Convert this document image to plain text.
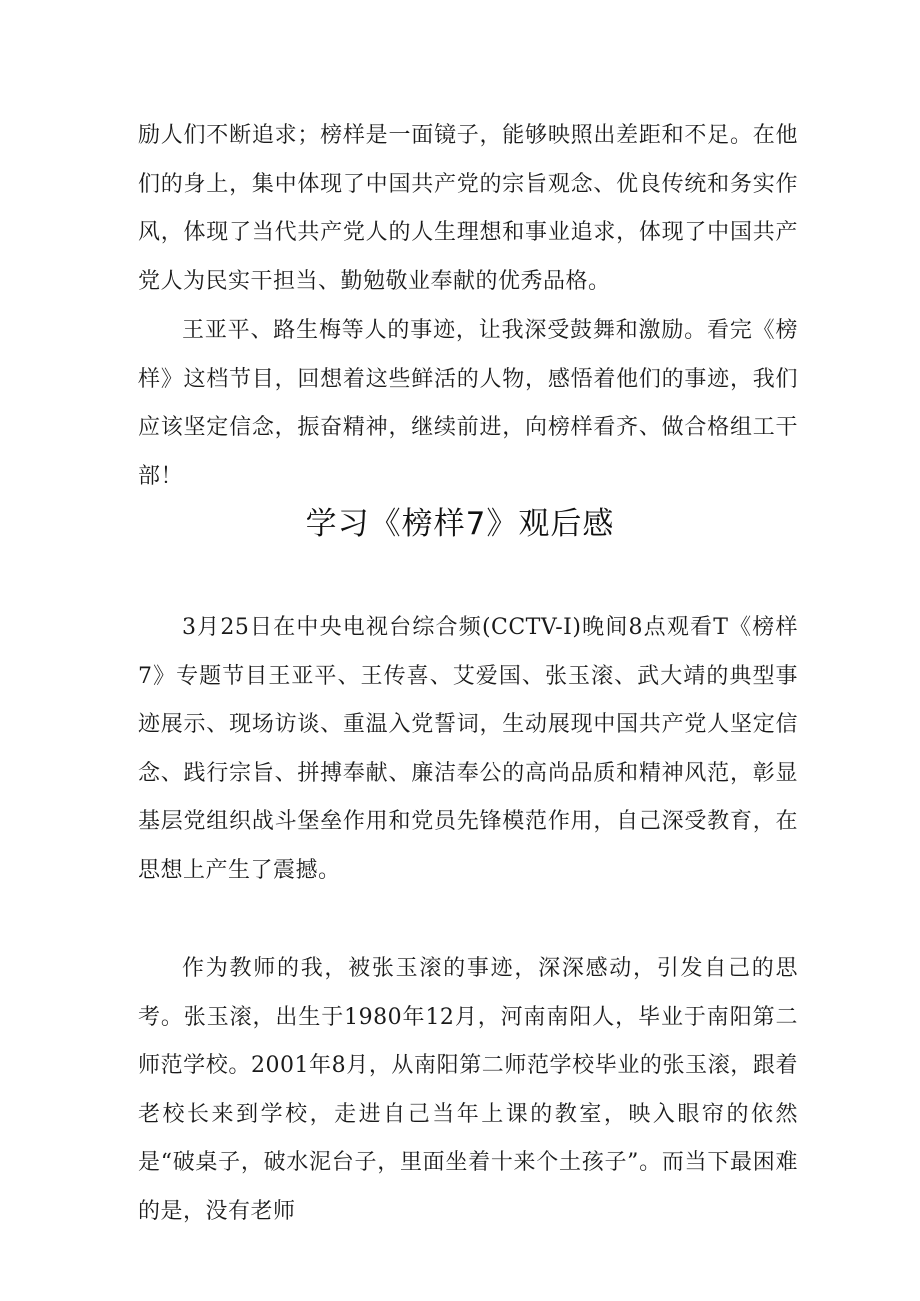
励人们不断追求；榜样是一面镜子，能够映照出差距和不足。在他们的身上，集中体现了中国共产党的宗旨观念、优良传统和务实作风，体现了当代共产党人的人生理想和事业追求，体现了中国共产党人为民实干担当、勤勉敬业奉献的优秀品格。

王亚平、路生梅等人的事迹，让我深受鼓舞和激励。看完《榜样》这档节目，回想着这些鲜活的人物，感悟着他们的事迹，我们应该坚定信念，振奋精神，继续前进，向榜样看齐、做合格组工干部！

学习《榜样7》观后感

3月25日在中央电视台综合频(CCTV-I)晚间8点观看T《榜样7》专题节目王亚平、王传喜、艾爱国、张玉滚、武大靖的典型事迹展示、现场访谈、重温入党誓词，生动展现中国共产党人坚定信念、践行宗旨、拼搏奉献、廉洁奉公的高尚品质和精神风范，彰显基层党组织战斗堡垒作用和党员先锋模范作用，自己深受教育，在思想上产生了震撼。

作为教师的我，被张玉滚的事迹，深深感动，引发自己的思考。张玉滚，出生于1980年12月，河南南阳人，毕业于南阳第二师范学校。2001年8月，从南阳第二师范学校毕业的张玉滚，跟着老校长来到学校，走进自己当年上课的教室，映入眼帘的依然是“破桌子，破水泥台子，里面坐着十来个土孩子”。而当下最困难的是，没有老师
